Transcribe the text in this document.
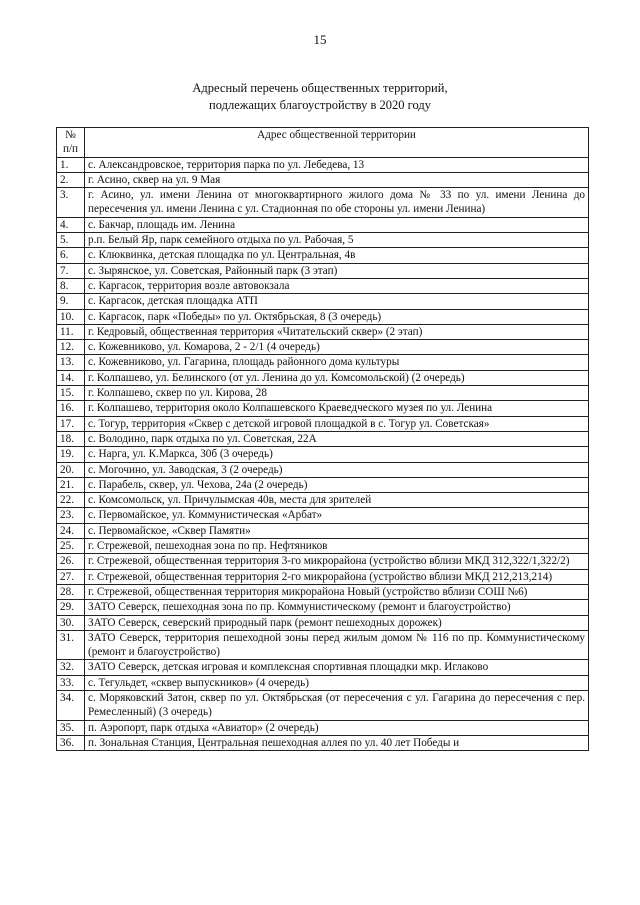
15
Адресный перечень общественных территорий,
подлежащих благоустройству в 2020 году
№ п/п	Адрес общественной территории
1.	с. Александровское, территория парка по ул. Лебедева, 13
2.	г. Асино, сквер на ул. 9 Мая
3.	г. Асино, ул. имени Ленина от многоквартирного жилого дома № 33 по ул. имени Ленина до пересечения ул. имени Ленина с ул. Стадионная по обе стороны ул. имени Ленина)
4.	с. Бакчар, площадь им. Ленина
5.	р.п. Белый Яр, парк семейного отдыха по ул. Рабочая, 5
6.	с. Клюквинка, детская площадка по ул. Центральная, 4в
7.	с. Зырянское, ул. Советская, Районный парк (3 этап)
8.	с. Каргасок, территория возле автовокзала
9.	с. Каргасок, детская площадка АТП
10.	с. Каргасок, парк «Победы» по ул. Октябрьская, 8 (3 очередь)
11.	г. Кедровый, общественная территория «Читательский сквер» (2 этап)
12.	с. Кожевниково, ул. Комарова, 2 - 2/1 (4 очередь)
13.	с. Кожевниково, ул. Гагарина, площадь районного дома культуры
14.	г. Колпашево, ул. Белинского (от ул. Ленина до ул. Комсомольской) (2 очередь)
15.	г. Колпашево, сквер по ул. Кирова, 28
16.	г. Колпашево, территория около Колпашевского Краеведческого музея по ул. Ленина
17.	с. Тогур, территория «Сквер с детской игровой площадкой в с. Тогур ул. Советская»
18.	с. Володино, парк отдыха по ул. Советская, 22А
19.	с. Нарга, ул. К.Маркса, 30б (3 очередь)
20.	с. Могочино, ул. Заводская, 3 (2 очередь)
21.	с. Парабель, сквер, ул. Чехова, 24а (2 очередь)
22.	с. Комсомольск, ул. Причулымская 40в, места для зрителей
23.	с. Первомайское, ул. Коммунистическая «Арбат»
24.	с. Первомайское, «Сквер Памяти»
25.	г. Стрежевой, пешеходная зона по пр. Нефтяников
26.	г. Стрежевой, общественная территория 3-го микрорайона (устройство вблизи МКД 312,322/1,322/2)
27.	г. Стрежевой, общественная территория 2-го микрорайона (устройство вблизи МКД 212,213,214)
28.	г. Стрежевой, общественная территория микрорайона Новый (устройство вблизи СОШ №6)
29.	ЗАТО Северск, пешеходная зона по пр. Коммунистическому (ремонт и благоустройство)
30.	ЗАТО Северск, северский природный парк (ремонт пешеходных дорожек)
31.	ЗАТО Северск, территория пешеходной зоны перед жилым домом № 116 по пр. Коммунистическому (ремонт и благоустройство)
32.	ЗАТО Северск, детская игровая и комплексная спортивная площадки мкр. Иглаково
33.	с. Тегульдет, «сквер выпускников» (4 очередь)
34.	с. Моряковский Затон, сквер по ул. Октябрьская (от пересечения с ул. Гагарина до пересечения с пер. Ремесленный) (3 очередь)
35.	п. Аэропорт, парк отдыха «Авиатор» (2 очередь)
36.	п. Зональная Станция, Центральная пешеходная аллея по ул. 40 лет Победы и
